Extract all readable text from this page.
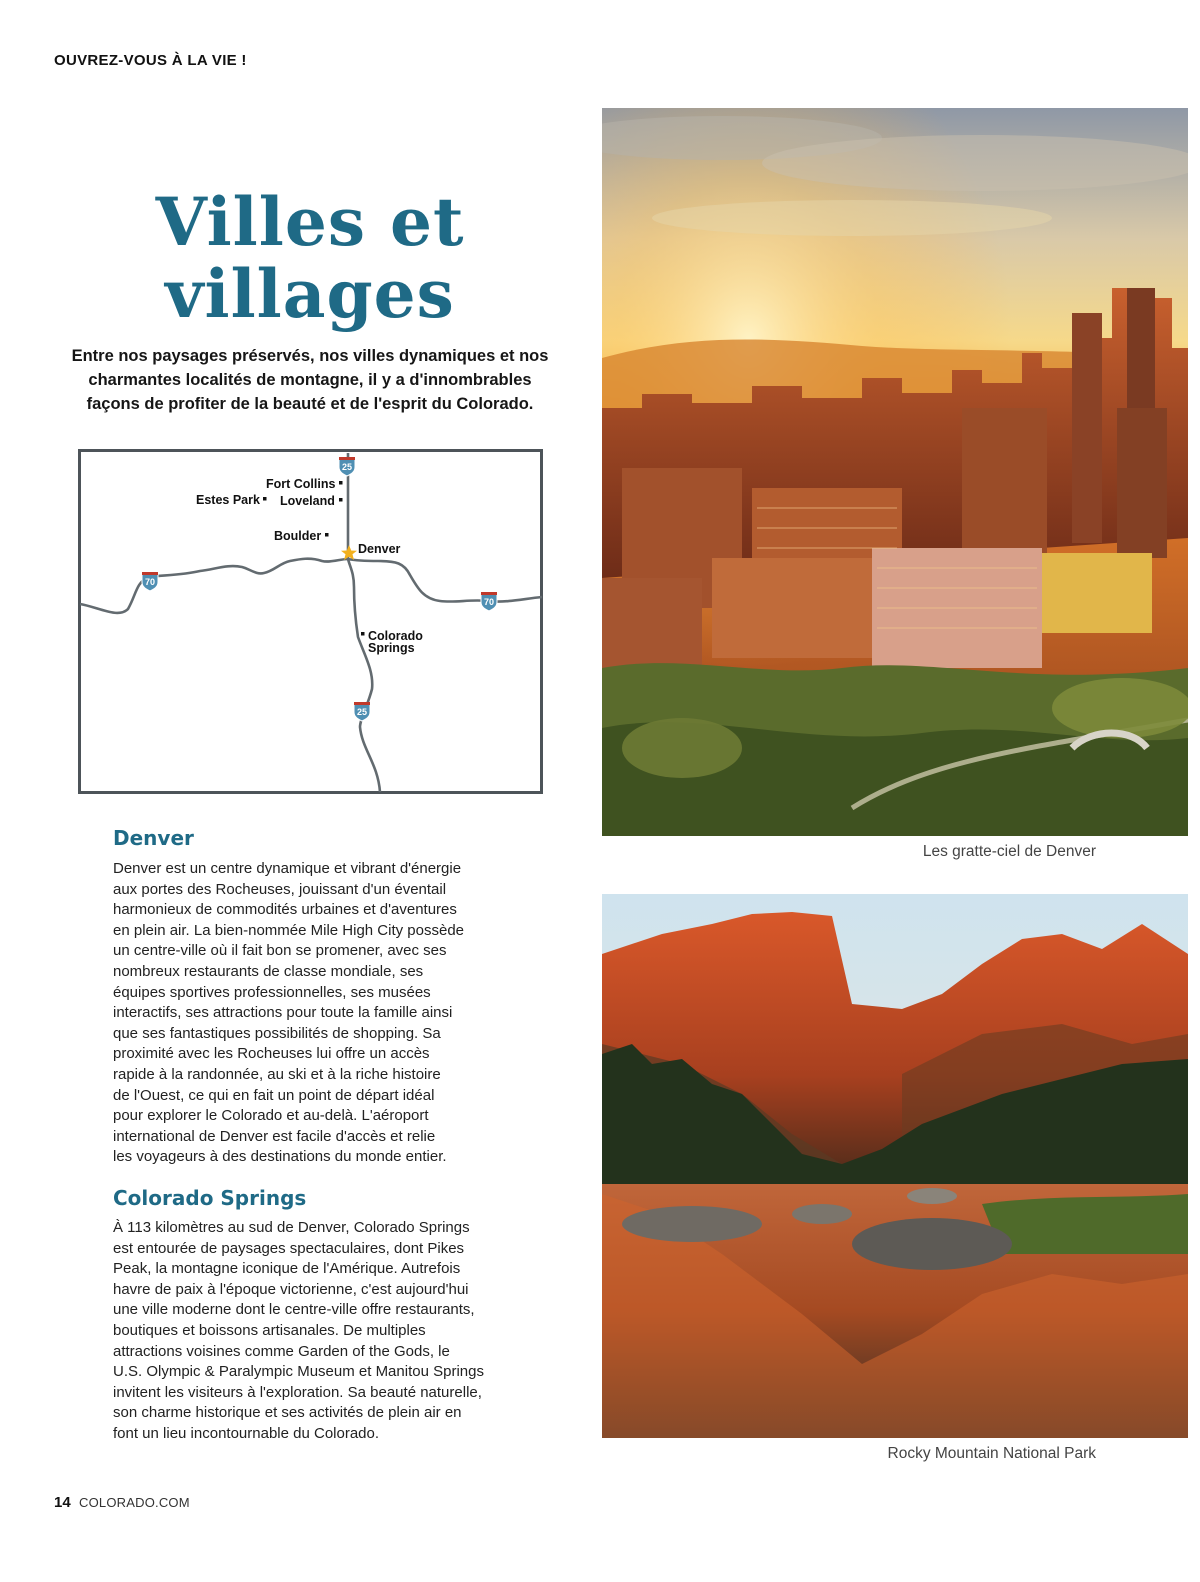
OUVREZ-VOUS À LA VIE !
Villes et
villages
Entre nos paysages préservés, nos villes dynamiques et nos charmantes localités de montagne, il y a d'innombrables façons de profiter de la beauté et de l'esprit du Colorado.
Fort Collins
Estes Park Loveland
Boulder
Denver
Colorado
Springs
25
70
70
25
Denver
Denver est un centre dynamique et vibrant d'énergie
aux portes des Rocheuses, jouissant d'un éventail
harmonieux de commodités urbaines et d'aventures
en plein air. La bien-nommée Mile High City possède
un centre-ville où il fait bon se promener, avec ses
nombreux restaurants de classe mondiale, ses
équipes sportives professionnelles, ses musées
interactifs, ses attractions pour toute la famille ainsi
que ses fantastiques possibilités de shopping. Sa
proximité avec les Rocheuses lui offre un accès
rapide à la randonnée, au ski et à la riche histoire
de l'Ouest, ce qui en fait un point de départ idéal
pour explorer le Colorado et au-delà. L'aéroport
international de Denver est facile d'accès et relie
les voyageurs à des destinations du monde entier.
Colorado Springs
À 113 kilomètres au sud de Denver, Colorado Springs
est entourée de paysages spectaculaires, dont Pikes
Peak, la montagne iconique de l'Amérique. Autrefois
havre de paix à l'époque victorienne, c'est aujourd'hui
une ville moderne dont le centre-ville offre restaurants,
boutiques et boissons artisanales. De multiples
attractions voisines comme Garden of the Gods, le
U.S. Olympic & Paralympic Museum et Manitou Springs
invitent les visiteurs à l'exploration. Sa beauté naturelle,
son charme historique et ses activités de plein air en
font un lieu incontournable du Colorado.
Les gratte-ciel de Denver
Rocky Mountain National Park
14 COLORADO.COM
